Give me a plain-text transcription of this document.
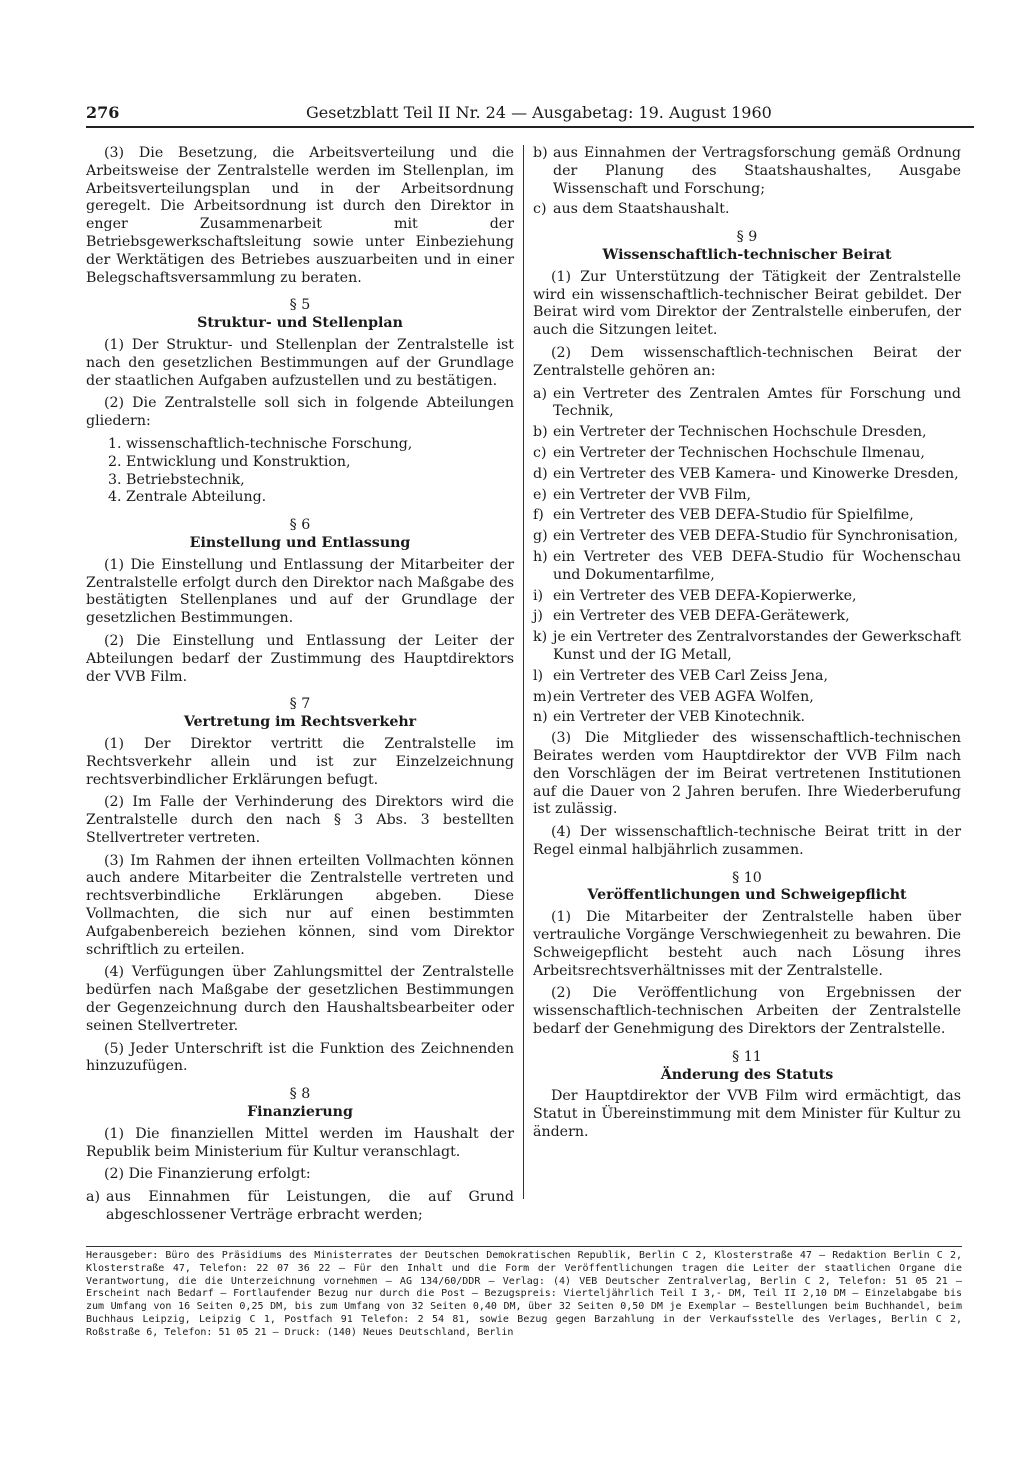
276	Gesetzblatt Teil II Nr. 24 — Ausgabetag: 19. August 1960

(3) Die Besetzung, die Arbeitsverteilung und die Arbeitsweise der Zentralstelle werden im Stellenplan, im Arbeitsverteilungsplan und in der Arbeitsordnung geregelt. Die Arbeitsordnung ist durch den Direktor in enger Zusammenarbeit mit der Betriebsgewerkschaftsleitung sowie unter Einbeziehung der Werktätigen des Betriebes auszuarbeiten und in einer Belegschaftsversammlung zu beraten.

§ 5
Struktur- und Stellenplan

(1) Der Struktur- und Stellenplan der Zentralstelle ist nach den gesetzlichen Bestimmungen auf der Grundlage der staatlichen Aufgaben aufzustellen und zu bestätigen.

(2) Die Zentralstelle soll sich in folgende Abteilungen gliedern:

1. wissenschaftlich-technische Forschung,
2. Entwicklung und Konstruktion,
3. Betriebstechnik,
4. Zentrale Abteilung.
§ 6
Einstellung und Entlassung

(1) Die Einstellung und Entlassung der Mitarbeiter der Zentralstelle erfolgt durch den Direktor nach Maßgabe des bestätigten Stellenplanes und auf der Grundlage der gesetzlichen Bestimmungen.

(2) Die Einstellung und Entlassung der Leiter der Abteilungen bedarf der Zustimmung des Hauptdirektors der VVB Film.

§ 7
Vertretung im Rechtsverkehr

(1) Der Direktor vertritt die Zentralstelle im Rechtsverkehr allein und ist zur Einzelzeichnung rechtsverbindlicher Erklärungen befugt.

(2) Im Falle der Verhinderung des Direktors wird die Zentralstelle durch den nach § 3 Abs. 3 bestellten Stellvertreter vertreten.

(3) Im Rahmen der ihnen erteilten Vollmachten können auch andere Mitarbeiter die Zentralstelle vertreten und rechtsverbindliche Erklärungen abgeben. Diese Vollmachten, die sich nur auf einen bestimmten Aufgabenbereich beziehen können, sind vom Direktor schriftlich zu erteilen.

(4) Verfügungen über Zahlungsmittel der Zentralstelle bedürfen nach Maßgabe der gesetzlichen Bestimmungen der Gegenzeichnung durch den Haushaltsbearbeiter oder seinen Stellvertreter.

(5) Jeder Unterschrift ist die Funktion des Zeichnenden hinzuzufügen.

§ 8
Finanzierung

(1) Die finanziellen Mittel werden im Haushalt der Republik beim Ministerium für Kultur veranschlagt.

(2) Die Finanzierung erfolgt:

a) aus Einnahmen für Leistungen, die auf Grund abgeschlossener Verträge erbracht werden;
b) aus Einnahmen der Vertragsforschung gemäß Ordnung der Planung des Staatshaushaltes, Ausgabe Wissenschaft und Forschung;
c) aus dem Staatshaushalt.
§ 9
Wissenschaftlich-technischer Beirat

(1) Zur Unterstützung der Tätigkeit der Zentralstelle wird ein wissenschaftlich-technischer Beirat gebildet. Der Beirat wird vom Direktor der Zentralstelle einberufen, der auch die Sitzungen leitet.

(2) Dem wissenschaftlich-technischen Beirat der Zentralstelle gehören an:

a) ein Vertreter des Zentralen Amtes für Forschung und Technik,
b) ein Vertreter der Technischen Hochschule Dresden,
c) ein Vertreter der Technischen Hochschule Ilmenau,
d) ein Vertreter des VEB Kamera- und Kinowerke Dresden,
e) ein Vertreter der VVB Film,
f) ein Vertreter des VEB DEFA-Studio für Spielfilme,
g) ein Vertreter des VEB DEFA-Studio für Synchronisation,
h) ein Vertreter des VEB DEFA-Studio für Wochenschau und Dokumentarfilme,
i) ein Vertreter des VEB DEFA-Kopierwerke,
j) ein Vertreter des VEB DEFA-Gerätewerk,
k) je ein Vertreter des Zentralvorstandes der Gewerkschaft Kunst und der IG Metall,
l) ein Vertreter des VEB Carl Zeiss Jena,
m) ein Vertreter des VEB AGFA Wolfen,
n) ein Vertreter der VEB Kinotechnik.

(3) Die Mitglieder des wissenschaftlich-technischen Beirates werden vom Hauptdirektor der VVB Film nach den Vorschlägen der im Beirat vertretenen Institutionen auf die Dauer von 2 Jahren berufen. Ihre Wiederberufung ist zulässig.

(4) Der wissenschaftlich-technische Beirat tritt in der Regel einmal halbjährlich zusammen.

§ 10
Veröffentlichungen und Schweigepflicht

(1) Die Mitarbeiter der Zentralstelle haben über vertrauliche Vorgänge Verschwiegenheit zu bewahren. Die Schweigepflicht besteht auch nach Lösung ihres Arbeitsrechtsverhältnisses mit der Zentralstelle.

(2) Die Veröffentlichung von Ergebnissen der wissenschaftlich-technischen Arbeiten der Zentralstelle bedarf der Genehmigung des Direktors der Zentralstelle.

§ 11
Änderung des Statuts

Der Hauptdirektor der VVB Film wird ermächtigt, das Statut in Übereinstimmung mit dem Minister für Kultur zu ändern.

Herausgeber: Büro des Präsidiums des Ministerrates der Deutschen Demokratischen Republik, Berlin C 2, Klosterstraße 47 — Redaktion Berlin C 2, Klosterstraße 47, Telefon: 22 07 36 22 — Für den Inhalt und die Form der Veröffentlichungen tragen die Leiter der staatlichen Organe die Verantwortung, die die Unterzeichnung vornehmen — AG 134/60/DDR — Verlag: (4) VEB Deutscher Zentralverlag, Berlin C 2, Telefon: 51 05 21 — Erscheint nach Bedarf — Fortlaufender Bezug nur durch die Post — Bezugspreis: Vierteljährlich Teil I 3,- DM, Teil II 2,10 DM — Einzelabgabe bis zum Umfang von 16 Seiten 0,25 DM, bis zum Umfang von 32 Seiten 0,40 DM, über 32 Seiten 0,50 DM je Exemplar — Bestellungen beim Buchhandel, beim Buchhaus Leipzig, Leipzig C 1, Postfach 91 Telefon: 2 54 81, sowie Bezug gegen Barzahlung in der Verkaufsstelle des Verlages, Berlin C 2, Roßstraße 6, Telefon: 51 05 21 — Druck: (140) Neues Deutschland, Berlin
